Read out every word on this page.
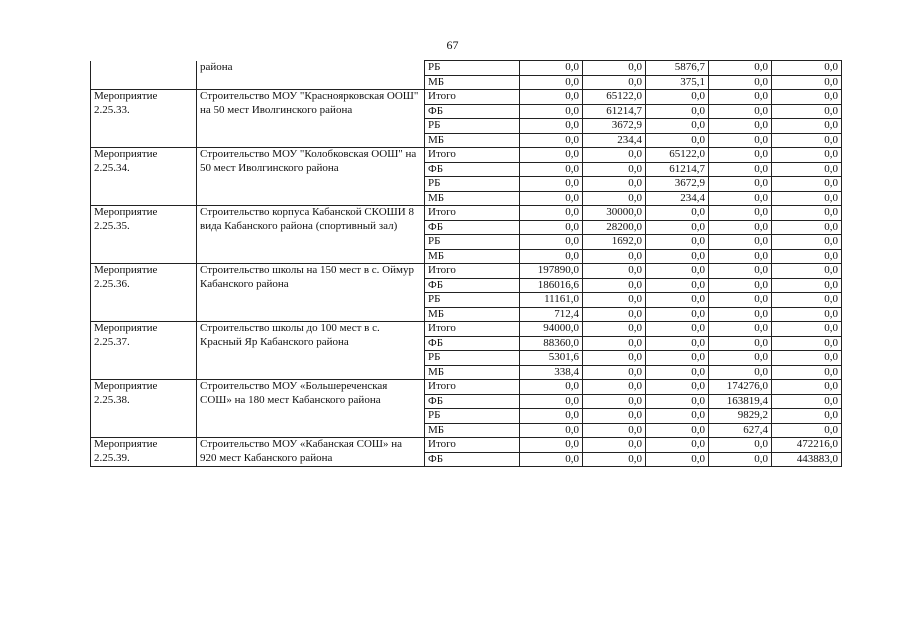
67
	района	РБ	0,0	0,0	5876,7	0,0	0,0
		МБ	0,0	0,0	375,1	0,0	0,0
Мероприятие 2.25.33.	Строительство МОУ "Красноярковская ООШ" на 50 мест Иволгинского района	Итого	0,0	65122,0	0,0	0,0	0,0
		ФБ	0,0	61214,7	0,0	0,0	0,0
		РБ	0,0	3672,9	0,0	0,0	0,0
		МБ	0,0	234,4	0,0	0,0	0,0
Мероприятие 2.25.34.	Строительство МОУ "Колобковская ООШ" на 50 мест Иволгинского района	Итого	0,0	0,0	65122,0	0,0	0,0
		ФБ	0,0	0,0	61214,7	0,0	0,0
		РБ	0,0	0,0	3672,9	0,0	0,0
		МБ	0,0	0,0	234,4	0,0	0,0
Мероприятие 2.25.35.	Строительство корпуса Кабанской СКОШИ 8 вида Кабанского района (спортивный зал)	Итого	0,0	30000,0	0,0	0,0	0,0
		ФБ	0,0	28200,0	0,0	0,0	0,0
		РБ	0,0	1692,0	0,0	0,0	0,0
		МБ	0,0	0,0	0,0	0,0	0,0
Мероприятие 2.25.36.	Строительство школы на 150 мест в с. Оймур Кабанского района	Итого	197890,0	0,0	0,0	0,0	0,0
		ФБ	186016,6	0,0	0,0	0,0	0,0
		РБ	11161,0	0,0	0,0	0,0	0,0
		МБ	712,4	0,0	0,0	0,0	0,0
Мероприятие 2.25.37.	Строительство школы до 100 мест в с. Красный Яр Кабанского района	Итого	94000,0	0,0	0,0	0,0	0,0
		ФБ	88360,0	0,0	0,0	0,0	0,0
		РБ	5301,6	0,0	0,0	0,0	0,0
		МБ	338,4	0,0	0,0	0,0	0,0
Мероприятие 2.25.38.	Строительство МОУ «Большереченская СОШ» на 180 мест Кабанского района	Итого	0,0	0,0	0,0	174276,0	0,0
		ФБ	0,0	0,0	0,0	163819,4	0,0
		РБ	0,0	0,0	0,0	9829,2	0,0
		МБ	0,0	0,0	0,0	627,4	0,0
Мероприятие 2.25.39.	Строительство МОУ «Кабанская СОШ» на 920 мест Кабанского района	Итого	0,0	0,0	0,0	0,0	472216,0
		ФБ	0,0	0,0	0,0	0,0	443883,0
